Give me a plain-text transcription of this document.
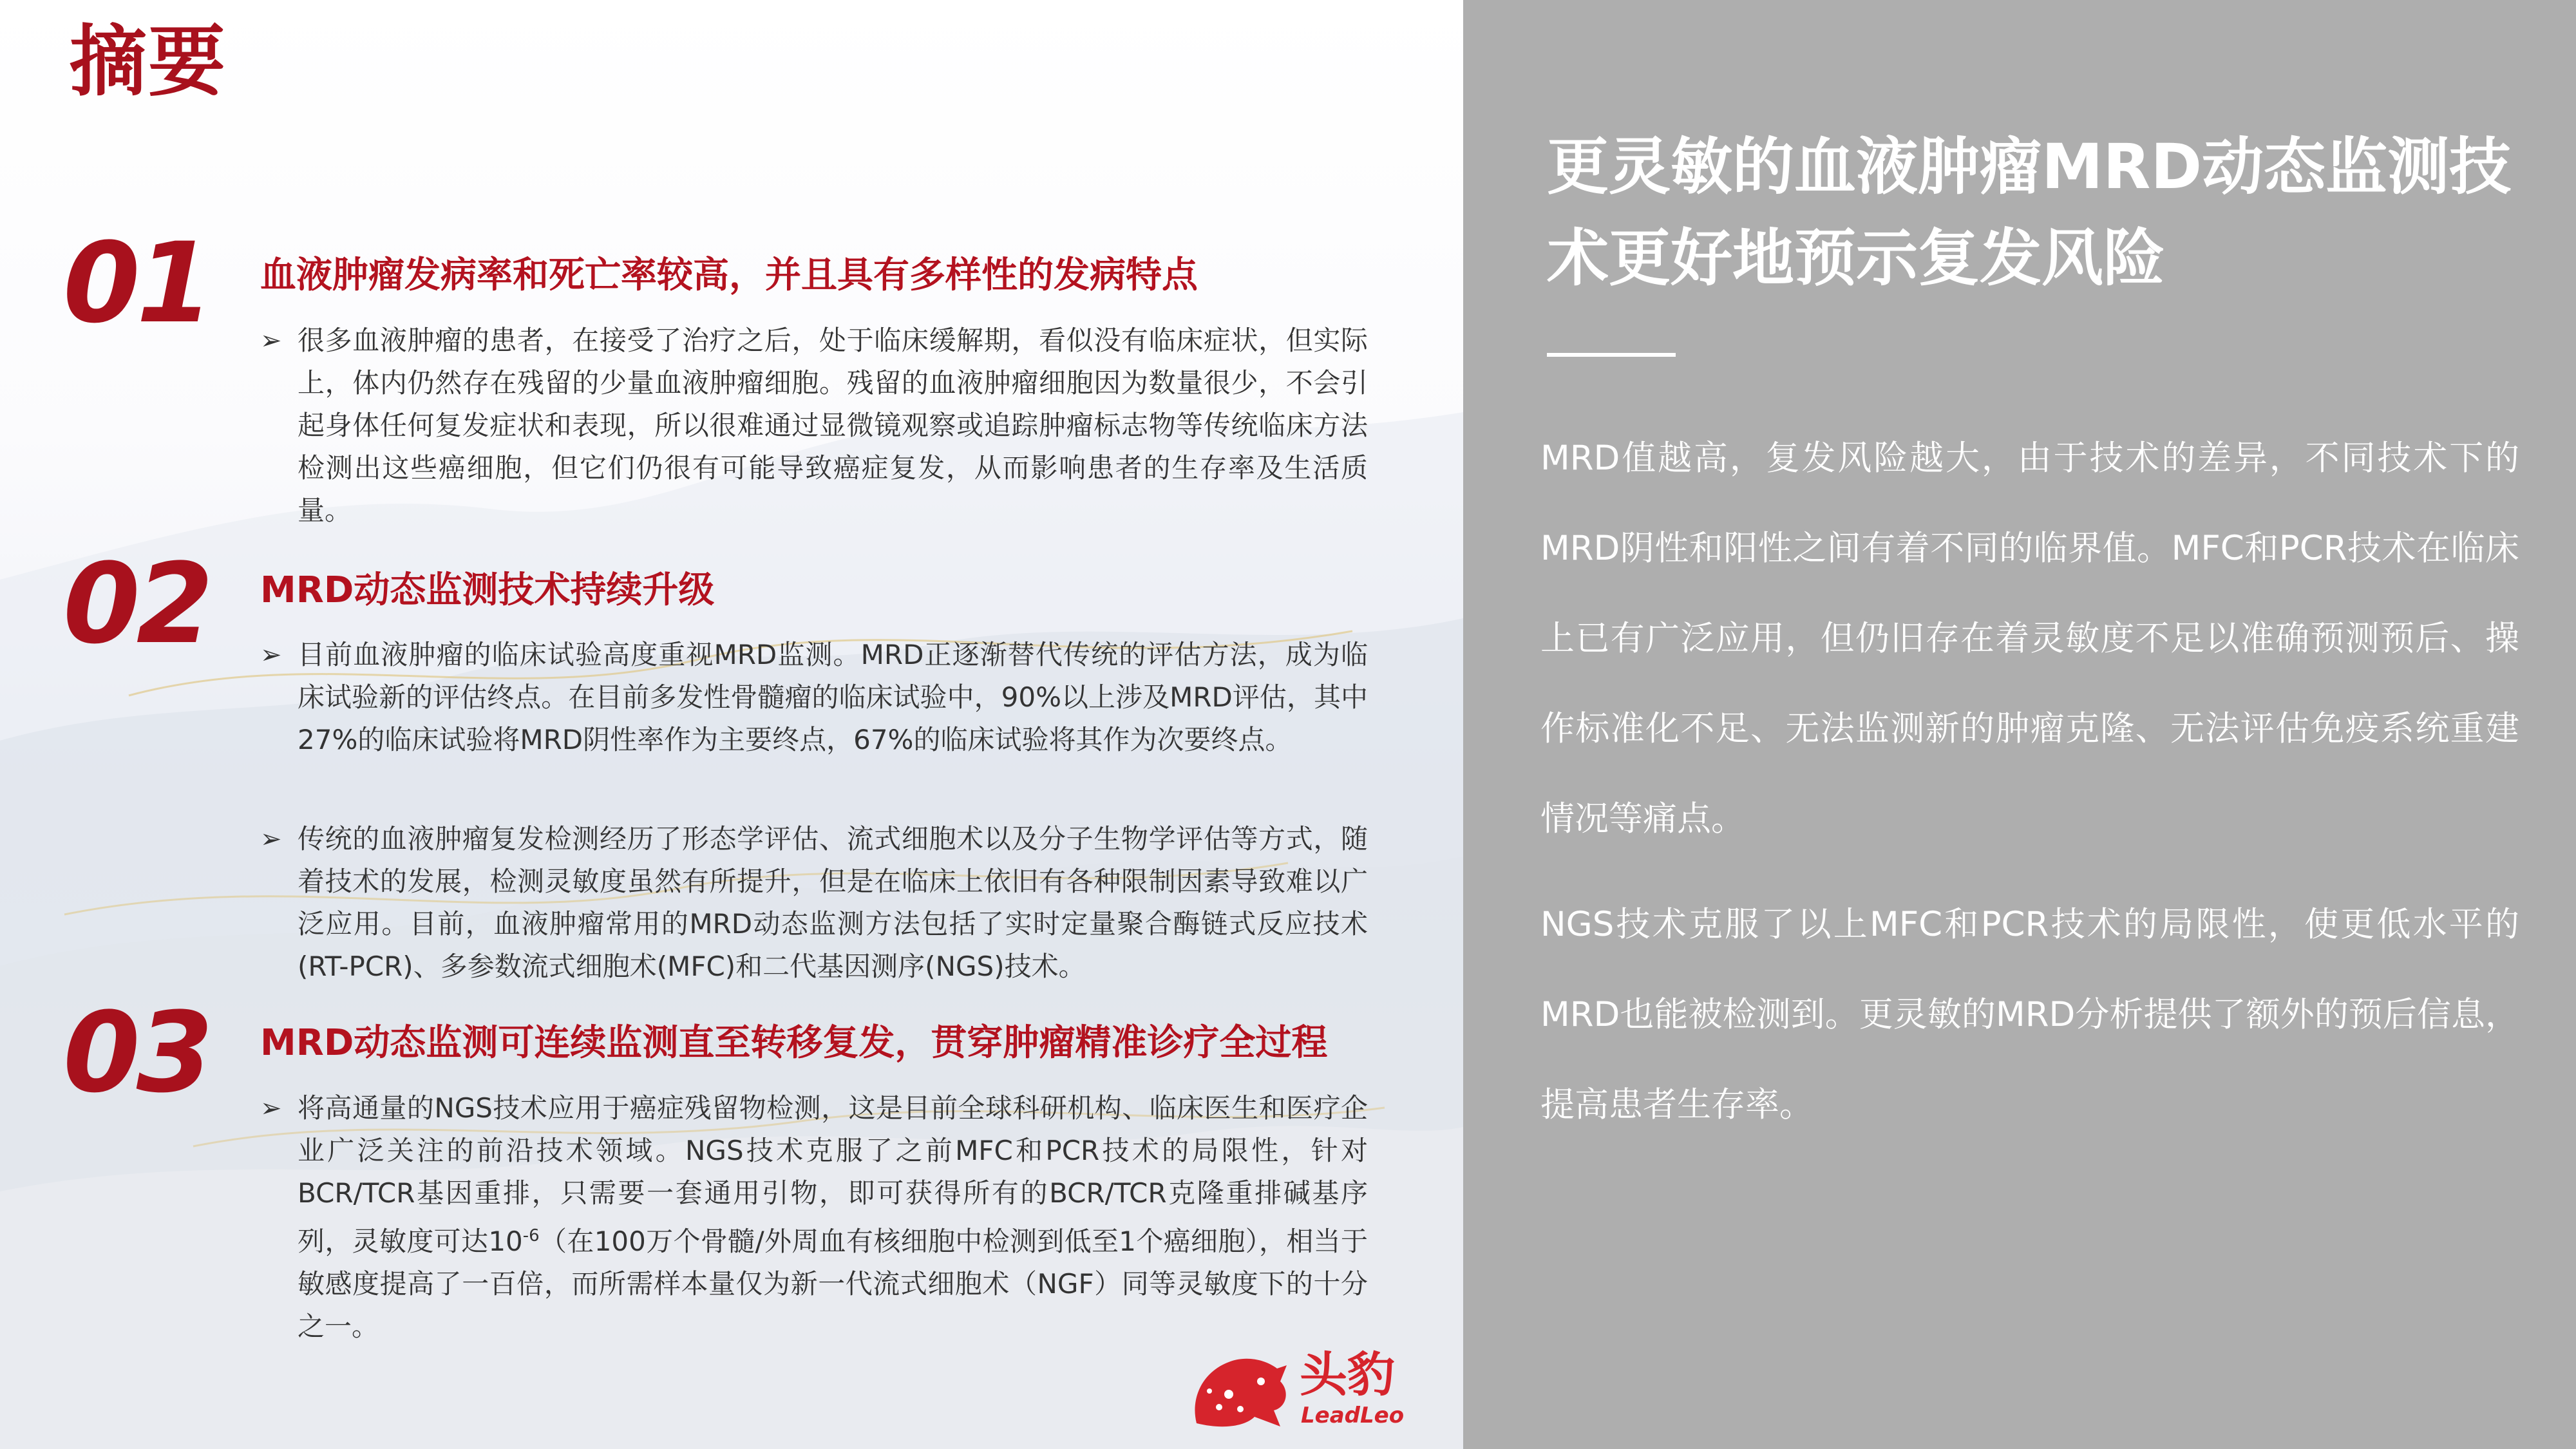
摘要
01 血液肿瘤发病率和死亡率较高，并且具有多样性的发病特点
➢ 很多血液肿瘤的患者，在接受了治疗之后，处于临床缓解期，看似没有临床症状，但实际上，体内仍然存在残留的少量血液肿瘤细胞。残留的血液肿瘤细胞因为数量很少，不会引起身体任何复发症状和表现，所以很难通过显微镜观察或追踪肿瘤标志物等传统临床方法检测出这些癌细胞，但它们仍很有可能导致癌症复发，从而影响患者的生存率及生活质量。
02 MRD动态监测技术持续升级
➢ 目前血液肿瘤的临床试验高度重视MRD监测。MRD正逐渐替代传统的评估方法，成为临床试验新的评估终点。在目前多发性骨髓瘤的临床试验中，90%以上涉及MRD评估，其中27%的临床试验将MRD阴性率作为主要终点，67%的临床试验将其作为次要终点。
➢ 传统的血液肿瘤复发检测经历了形态学评估、流式细胞术以及分子生物学评估等方式，随着技术的发展，检测灵敏度虽然有所提升，但是在临床上依旧有各种限制因素导致难以广泛应用。目前，血液肿瘤常用的MRD动态监测方法包括了实时定量聚合酶链式反应技术(RT-PCR)、多参数流式细胞术(MFC)和二代基因测序(NGS)技术。
03 MRD动态监测可连续监测直至转移复发，贯穿肿瘤精准诊疗全过程
➢ 将高通量的NGS技术应用于癌症残留物检测，这是目前全球科研机构、临床医生和医疗企业广泛关注的前沿技术领域。NGS技术克服了之前MFC和PCR技术的局限性，针对BCR/TCR基因重排，只需要一套通用引物，即可获得所有的BCR/TCR克隆重排碱基序列，灵敏度可达$10^{-6}$（在100万个骨髓/外周血有核细胞中检测到低至1个癌细胞），相当于敏感度提高了一百倍，而所需样本量仅为新一代流式细胞术（NGF）同等灵敏度下的十分之一。
头豹
LeadLeo
更灵敏的血液肿瘤MRD动态监测技术更好地预示复发风险
MRD值越高，复发风险越大，由于技术的差异，不同技术下的MRD阴性和阳性之间有着不同的临界值。MFC和PCR技术在临床上已有广泛应用，但仍旧存在着灵敏度不足以准确预测预后、操作标准化不足、无法监测新的肿瘤克隆、无法评估免疫系统重建情况等痛点。
NGS技术克服了以上MFC和PCR技术的局限性，使更低水平的MRD也能被检测到。更灵敏的MRD分析提供了额外的预后信息，提高患者生存率。
